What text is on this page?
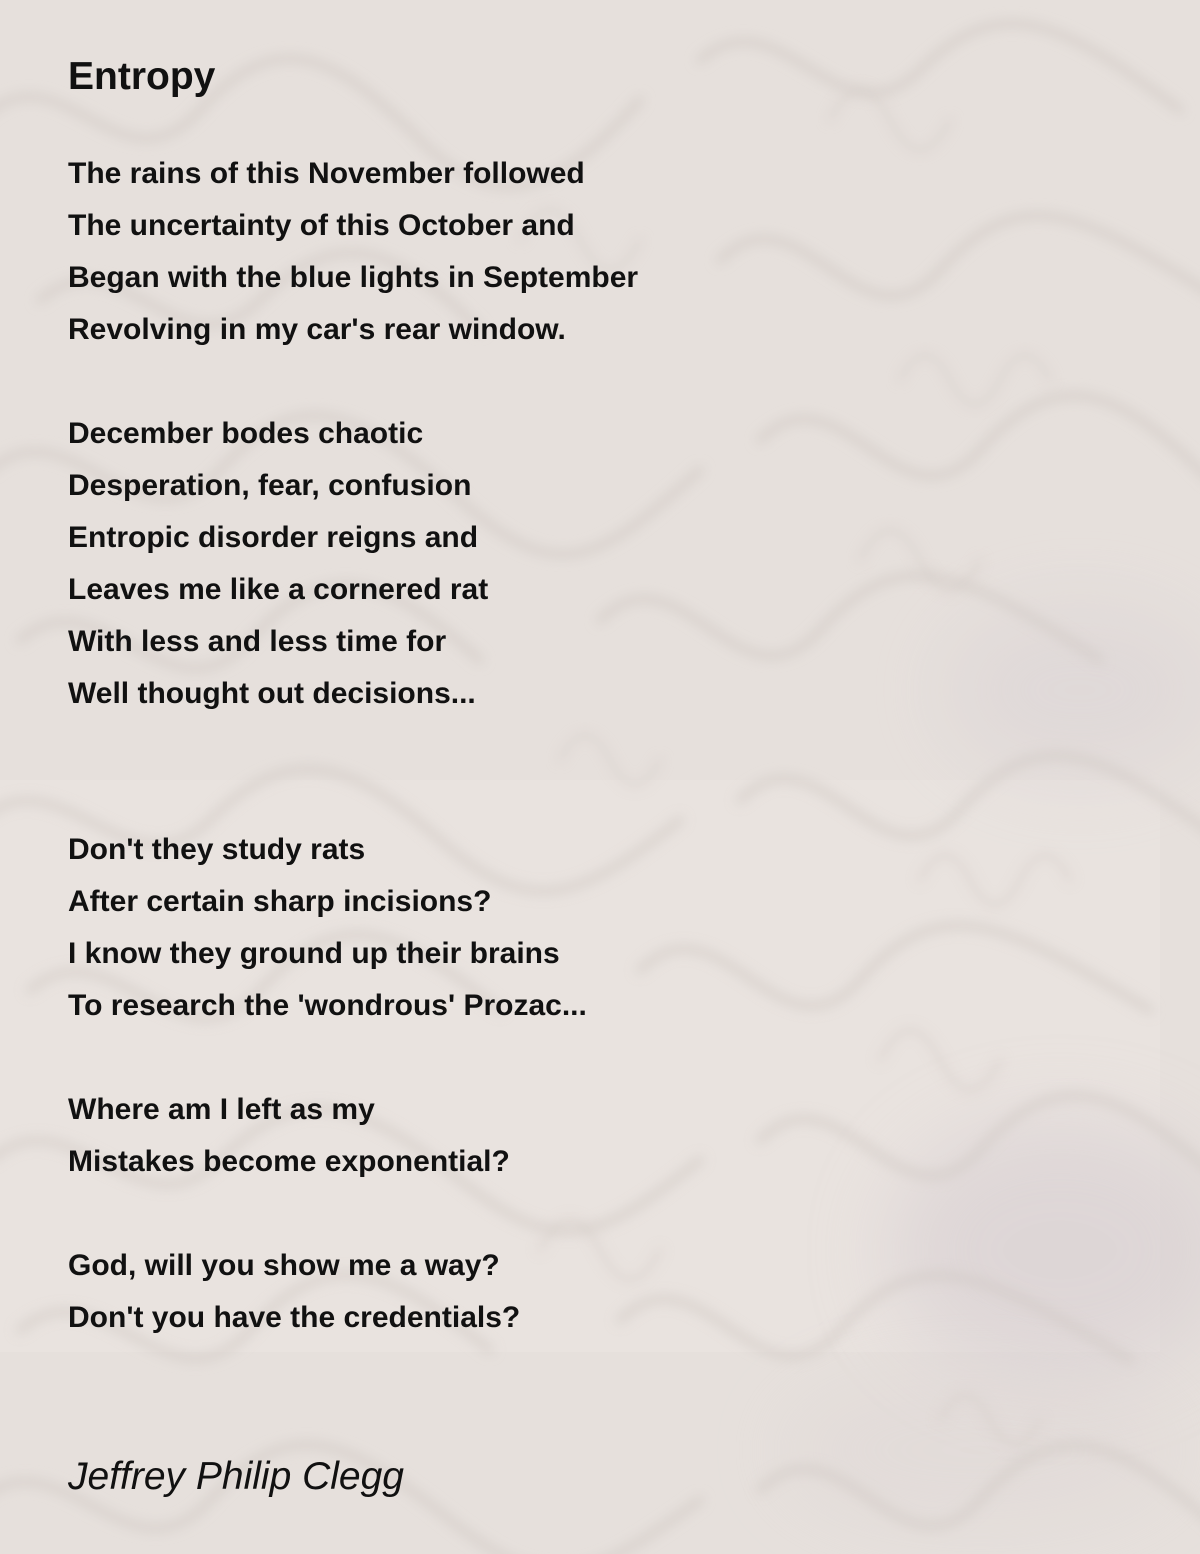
Entropy
The rains of this November followed
The uncertainty of this October and
Began with the blue lights in September
Revolving in my car's rear window.
December bodes chaotic
Desperation, fear, confusion
Entropic disorder reigns and
Leaves me like a cornered rat
With less and less time for
Well thought out decisions...
Don't they study rats
After certain sharp incisions?
I know they ground up their brains
To research the 'wondrous' Prozac...
Where am I left as my
Mistakes become exponential?
God, will you show me a way?
Don't you have the credentials?

Jeffrey Philip Clegg
